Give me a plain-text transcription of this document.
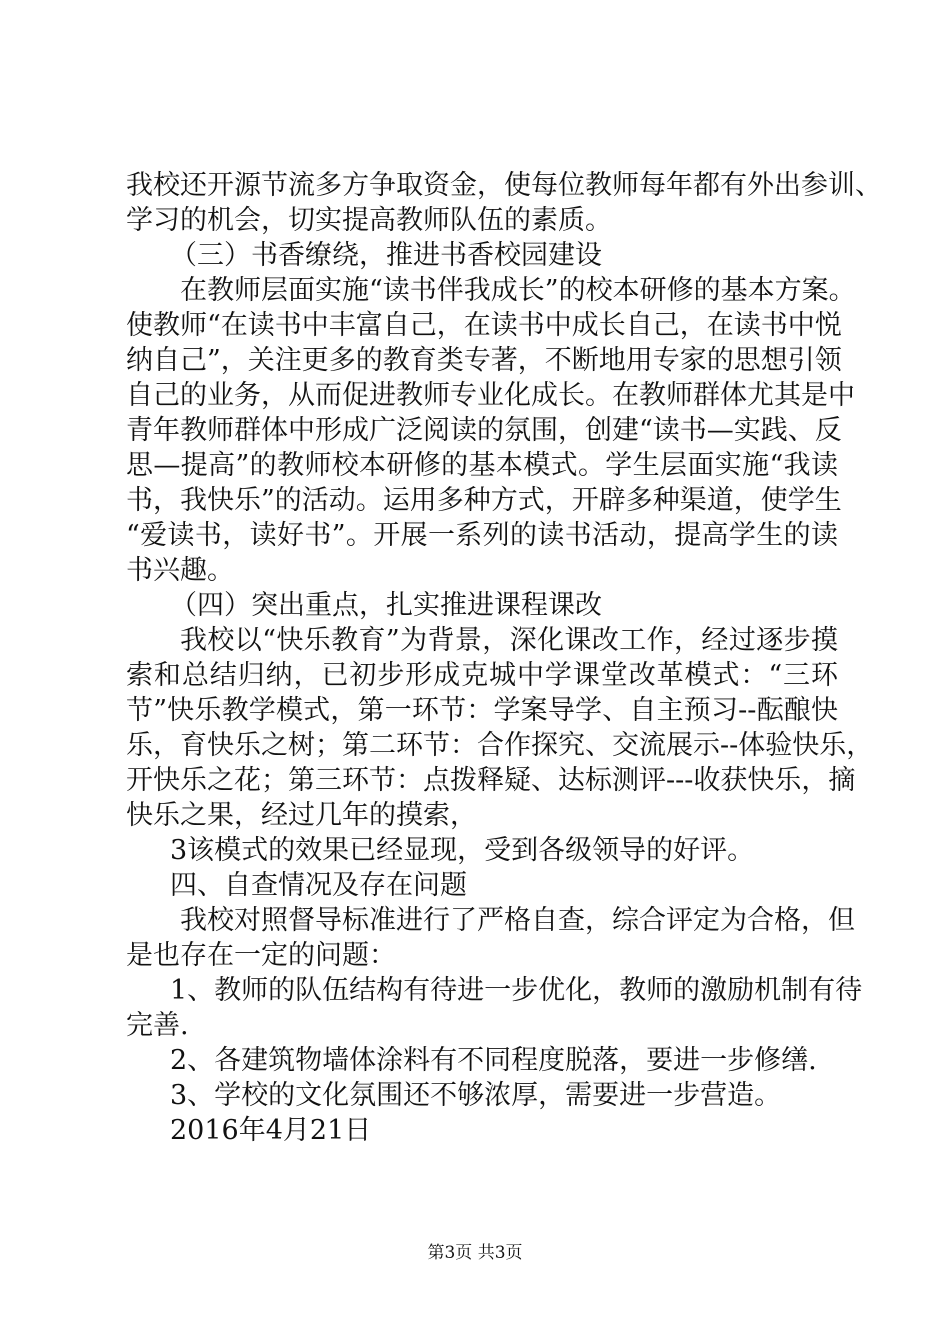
我校还开源节流多方争取资金，使每位教师每年都有外出参训、
学习的机会，切实提高教师队伍的素质。
（三）书香缭绕，推进书香校园建设
在教师层面实施“读书伴我成长”的校本研修的基本方案。
使教师“在读书中丰富自己，在读书中成长自己，在读书中悦
纳自己”，关注更多的教育类专著，不断地用专家的思想引领
自己的业务，从而促进教师专业化成长。在教师群体尤其是中
青年教师群体中形成广泛阅读的氛围，创建“读书—实践、反
思—提高”的教师校本研修的基本模式。学生层面实施“我读
书，我快乐”的活动。运用多种方式，开辟多种渠道，使学生
“爱读书，读好书”。开展一系列的读书活动，提高学生的读
书兴趣。
（四）突出重点，扎实推进课程课改
我校以“快乐教育”为背景，深化课改工作，经过逐步摸
索和总结归纳，已初步形成克城中学课堂改革模式：“三环
节”快乐教学模式，第一环节：学案导学、自主预习--酝酿快
乐，育快乐之树；第二环节：合作探究、交流展示--体验快乐，
开快乐之花；第三环节：点拨释疑、达标测评---收获快乐，摘
快乐之果，经过几年的摸索，
3该模式的效果已经显现，受到各级领导的好评。
四、自查情况及存在问题
我校对照督导标准进行了严格自查，综合评定为合格，但
是也存在一定的问题：
1、教师的队伍结构有待进一步优化，教师的激励机制有待
完善.
2、各建筑物墙体涂料有不同程度脱落，要进一步修缮.
3、学校的文化氛围还不够浓厚，需要进一步营造。
2016年4月21日
第3页 共3页
